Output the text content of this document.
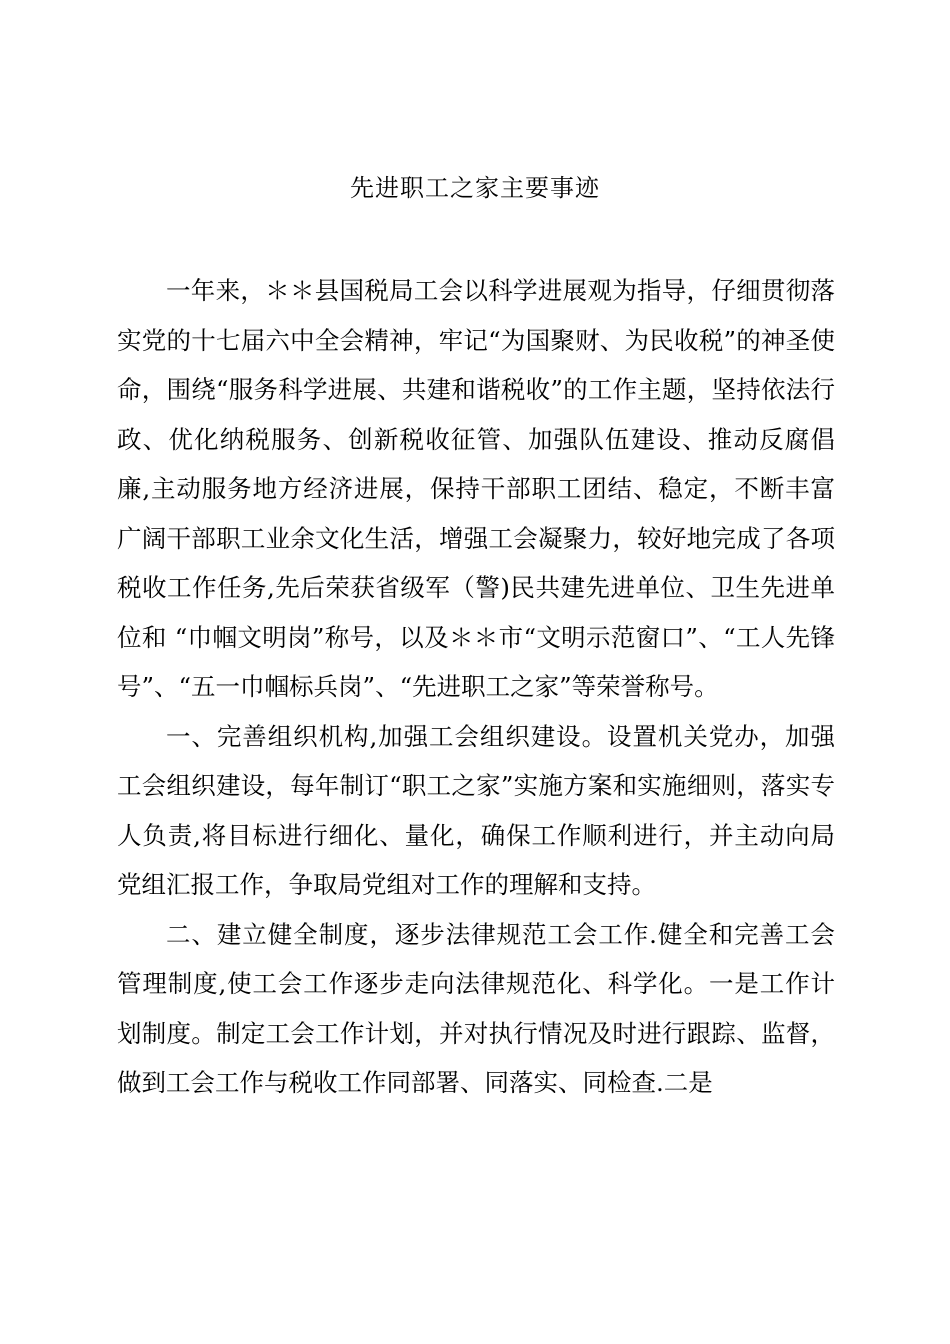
先进职工之家主要事迹

一年来，＊＊县国税局工会以科学进展观为指导，仔细贯彻落实党的十七届六中全会精神，牢记“为国聚财、为民收税”的神圣使命，围绕“服务科学进展、共建和谐税收”的工作主题，坚持依法行政、优化纳税服务、创新税收征管、加强队伍建设、推动反腐倡廉,主动服务地方经济进展，保持干部职工团结、稳定，不断丰富广阔干部职工业余文化生活，增强工会凝聚力，较好地完成了各项税收工作任务,先后荣获省级军（警)民共建先进单位、卫生先进单位和 “巾帼文明岗”称号，以及＊＊市“文明示范窗口”、“工人先锋号”、“五一巾帼标兵岗”、“先进职工之家”等荣誉称号。

一、完善组织机构,加强工会组织建设。设置机关党办，加强工会组织建设，每年制订“职工之家”实施方案和实施细则，落实专人负责,将目标进行细化、量化，确保工作顺利进行，并主动向局党组汇报工作，争取局党组对工作的理解和支持。

二、建立健全制度，逐步法律规范工会工作.健全和完善工会管理制度,使工会工作逐步走向法律规范化、科学化。一是工作计划制度。制定工会工作计划，并对执行情况及时进行跟踪、监督，做到工会工作与税收工作同部署、同落实、同检查.二是
